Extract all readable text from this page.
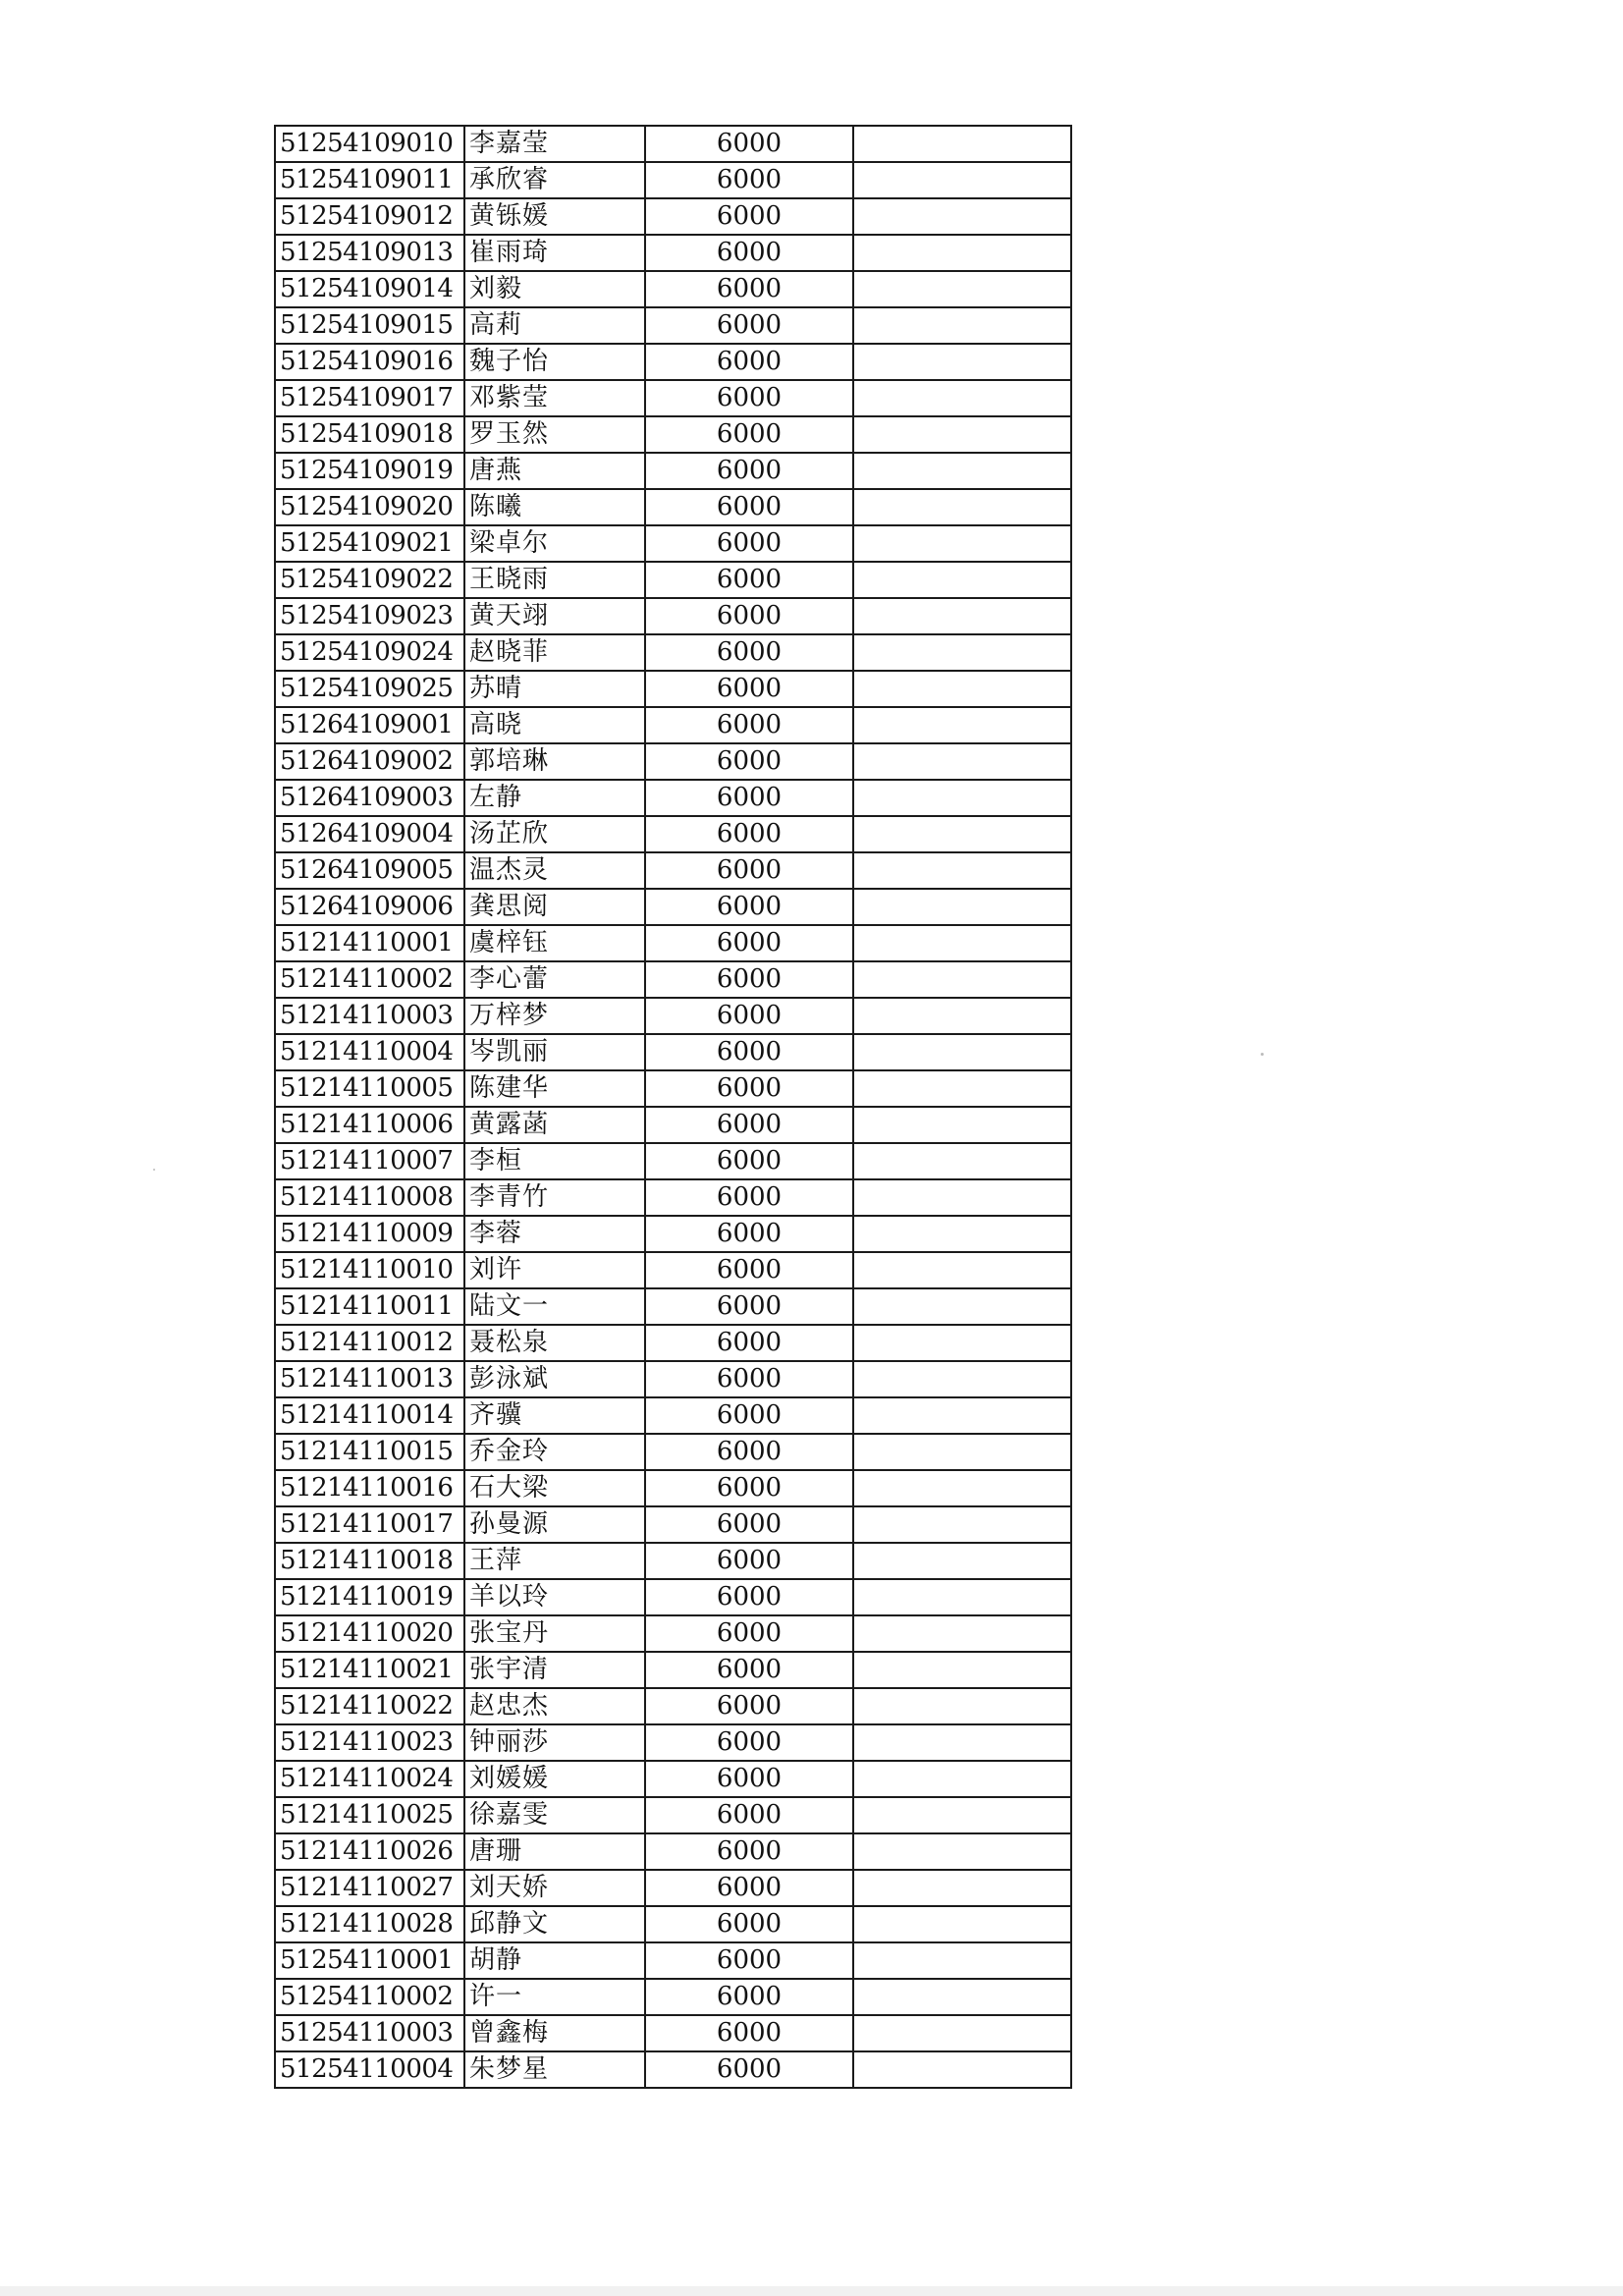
51254109010	李嘉莹	6000	
51254109011	承欣睿	6000	
51254109012	黄铄媛	6000	
51254109013	崔雨琦	6000	
51254109014	刘毅	6000	
51254109015	高莉	6000	
51254109016	魏子怡	6000	
51254109017	邓紫莹	6000	
51254109018	罗玉然	6000	
51254109019	唐燕	6000	
51254109020	陈曦	6000	
51254109021	梁卓尔	6000	
51254109022	王晓雨	6000	
51254109023	黄天翊	6000	
51254109024	赵晓菲	6000	
51254109025	苏晴	6000	
51264109001	高晓	6000	
51264109002	郭培琳	6000	
51264109003	左静	6000	
51264109004	汤芷欣	6000	
51264109005	温杰灵	6000	
51264109006	龚思阅	6000	
51214110001	虞梓钰	6000	
51214110002	李心蕾	6000	
51214110003	万梓梦	6000	
51214110004	岑凯丽	6000	
51214110005	陈建华	6000	
51214110006	黄露菡	6000	
51214110007	李桓	6000	
51214110008	李青竹	6000	
51214110009	李蓉	6000	
51214110010	刘许	6000	
51214110011	陆文一	6000	
51214110012	聂松泉	6000	
51214110013	彭泳斌	6000	
51214110014	齐骥	6000	
51214110015	乔金玲	6000	
51214110016	石大梁	6000	
51214110017	孙曼源	6000	
51214110018	王萍	6000	
51214110019	羊以玲	6000	
51214110020	张宝丹	6000	
51214110021	张宇清	6000	
51214110022	赵忠杰	6000	
51214110023	钟丽莎	6000	
51214110024	刘媛媛	6000	
51214110025	徐嘉雯	6000	
51214110026	唐珊	6000	
51214110027	刘天娇	6000	
51214110028	邱静文	6000	
51254110001	胡静	6000	
51254110002	许一	6000	
51254110003	曾鑫梅	6000	
51254110004	朱梦星	6000	
